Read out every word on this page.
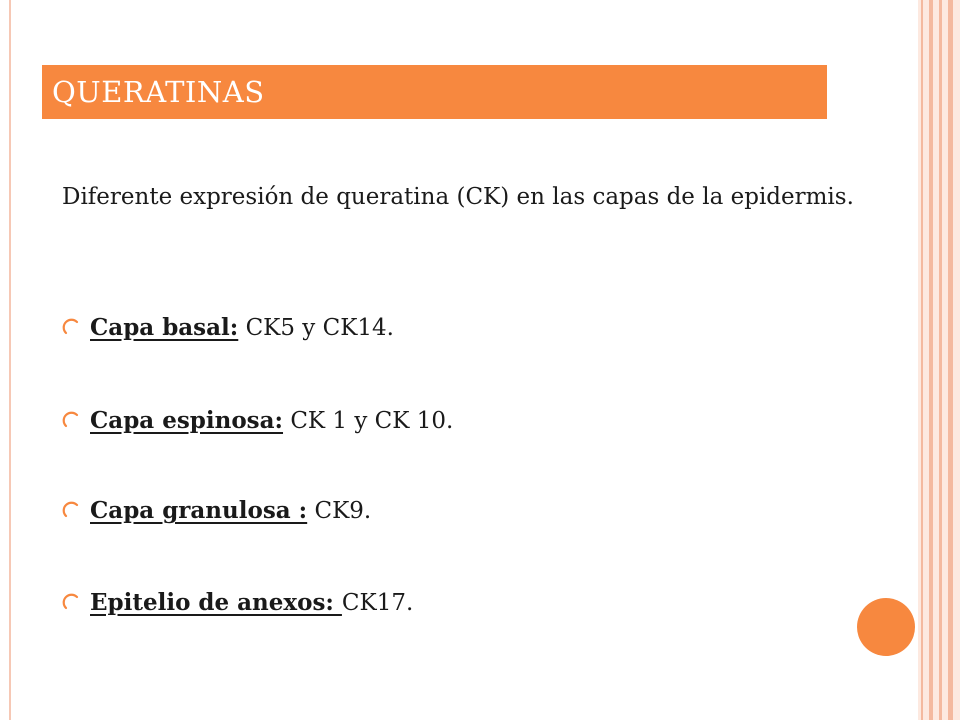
QUERATINAS
Diferente expresión de queratina (CK) en las capas de la epidermis.
Capa basal: CK5 y CK14.
Capa espinosa: CK 1 y CK 10.
Capa granulosa : CK9.
Epitelio de anexos: CK17.
